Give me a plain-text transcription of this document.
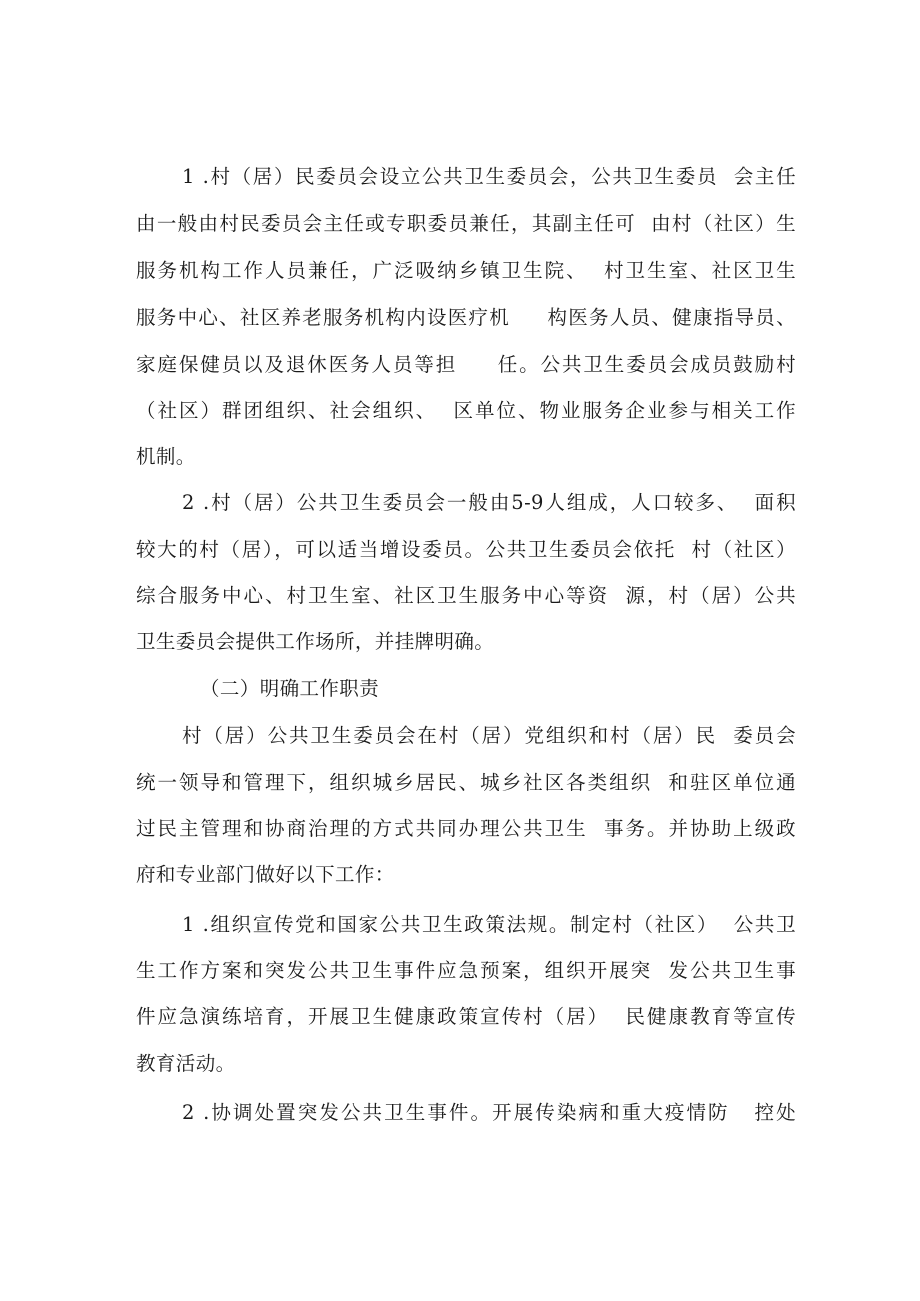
1 .村（居）民委员会设立公共卫生委员会，公共卫生委员  会主任
由一般由村民委员会主任或专职委员兼任，其副主任可  由村（社区）生
服务机构工作人员兼任，广泛吸纳乡镇卫生院、  村卫生室、社区卫生
服务中心、社区养老服务机构内设医疗机     构医务人员、健康指导员、
家庭保健员以及退休医务人员等担     任。公共卫生委员会成员鼓励村
（社区）群团组织、社会组织、  区单位、物业服务企业参与相关工作
机制。
2 .村（居）公共卫生委员会一般由5-9人组成，人口较多、  面积
较大的村（居），可以适当增设委员。公共卫生委员会依托  村（社区）
综合服务中心、村卫生室、社区卫生服务中心等资  源，村（居）公共
卫生委员会提供工作场所，并挂牌明确。
（二）明确工作职责
村（居）公共卫生委员会在村（居）党组织和村（居）民  委员会
统一领导和管理下，组织城乡居民、城乡社区各类组织  和驻区单位通
过民主管理和协商治理的方式共同办理公共卫生  事务。并协助上级政
府和专业部门做好以下工作：
1 .组织宣传党和国家公共卫生政策法规。制定村（社区）  公共卫
生工作方案和突发公共卫生事件应急预案，组织开展突  发公共卫生事
件应急演练培育，开展卫生健康政策宣传村（居）  民健康教育等宣传
教育活动。
2 .协调处置突发公共卫生事件。开展传染病和重大疫情防   控处
